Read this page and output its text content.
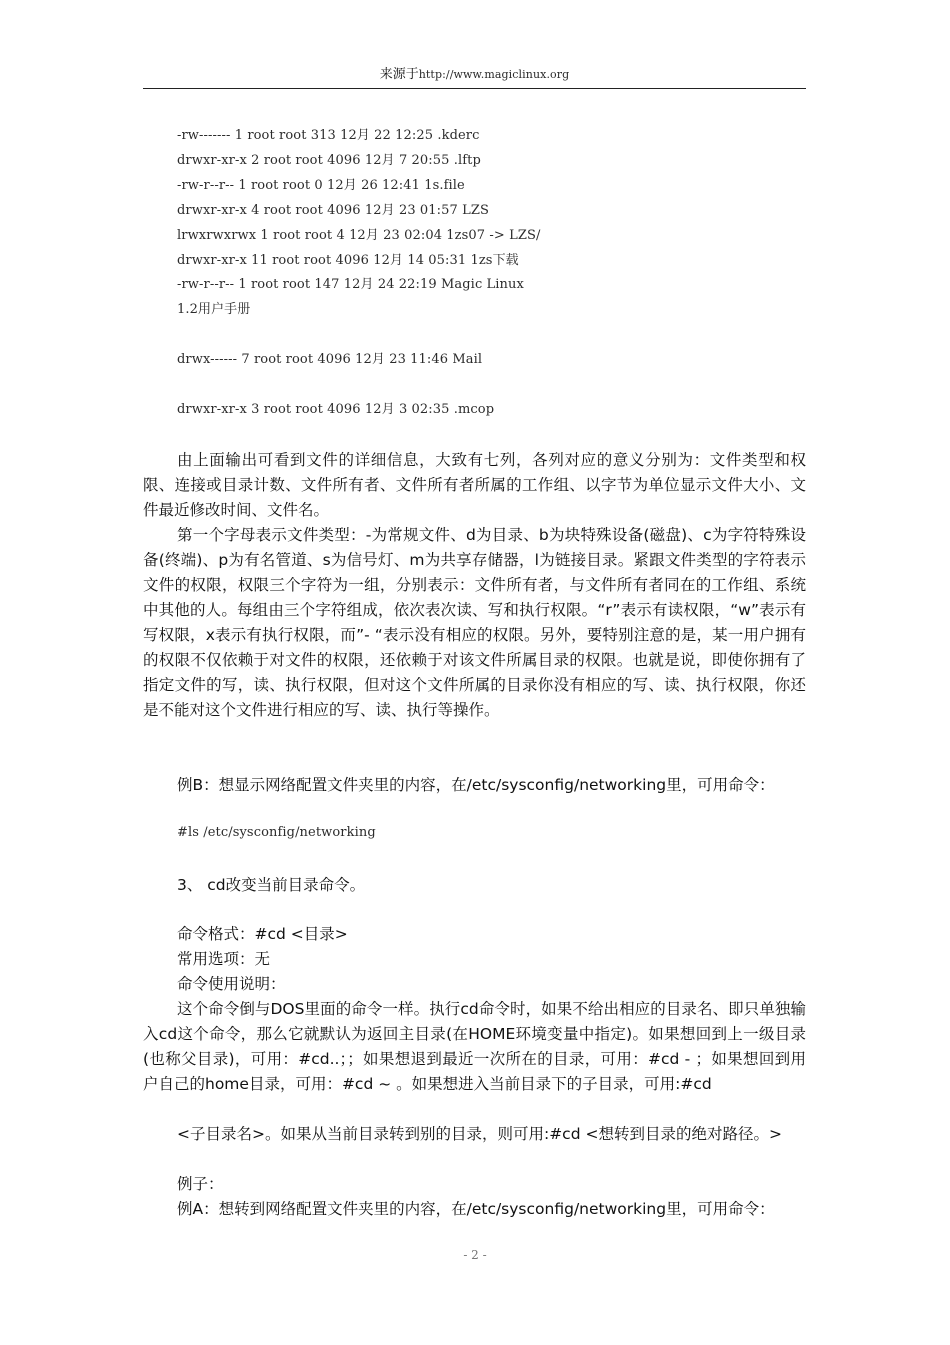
来源于http://www.magiclinux.org
-rw------- 1 root root 313 12月 22 12:25 .kderc
drwxr-xr-x 2 root root 4096 12月 7 20:55 .lftp
-rw-r--r-- 1 root root 0 12月 26 12:41 1s.file
drwxr-xr-x 4 root root 4096 12月 23 01:57 LZS
lrwxrwxrwx 1 root root 4 12月 23 02:04 1zs07 -> LZS/
drwxr-xr-x 11 root root 4096 12月 14 05:31 1zs下载
-rw-r--r-- 1 root root 147 12月 24 22:19 Magic Linux
1.2用户手册
drwx------ 7 root root 4096 12月 23 11:46 Mail
drwxr-xr-x 3 root root 4096 12月 3 02:35 .mcop
由上面输出可看到文件的详细信息，大致有七列，各列对应的意义分别为：文件类型和权限、连接或目录计数、文件所有者、文件所有者所属的工作组、以字节为单位显示文件大小、文件最近修改时间、文件名。
第一个字母表示文件类型：-为常规文件、d为目录、b为块特殊设备(磁盘)、c为字符特殊设备(终端)、p为有名管道、s为信号灯、m为共享存储器，l为链接目录。紧跟文件类型的字符表示文件的权限，权限三个字符为一组，分别表示：文件所有者，与文件所有者同在的工作组、系统中其他的人。每组由三个字符组成，依次表次读、写和执行权限。“r”表示有读权限，“w”表示有写权限，x表示有执行权限，而”- “表示没有相应的权限。另外，要特别注意的是，某一用户拥有的权限不仅依赖于对文件的权限，还依赖于对该文件所属目录的权限。也就是说，即使你拥有了指定文件的写，读、执行权限，但对这个文件所属的目录你没有相应的写、读、执行权限，你还是不能对这个文件进行相应的写、读、执行等操作。
例B：想显示网络配置文件夹里的内容，在/etc/sysconfig/networking里，可用命令：
#ls /etc/sysconfig/networking
3、 cd改变当前目录命令。
命令格式：#cd <目录>
常用选项：无
命令使用说明：
这个命令倒与DOS里面的命令一样。执行cd命令时，如果不给出相应的目录名、即只单独输入cd这个命令，那么它就默认为返回主目录(在HOME环境变量中指定)。如果想回到上一级目录(也称父目录)，可用：#cd..；；如果想退到最近一次所在的目录，可用：#cd - ；如果想回到用户自己的home目录，可用：#cd ~ 。如果想进入当前目录下的子目录，可用:#cd
<子目录名>。如果从当前目录转到别的目录，则可用:#cd <想转到目录的绝对路径。>
例子：
例A：想转到网络配置文件夹里的内容，在/etc/sysconfig/networking里，可用命令：
- 2 -
